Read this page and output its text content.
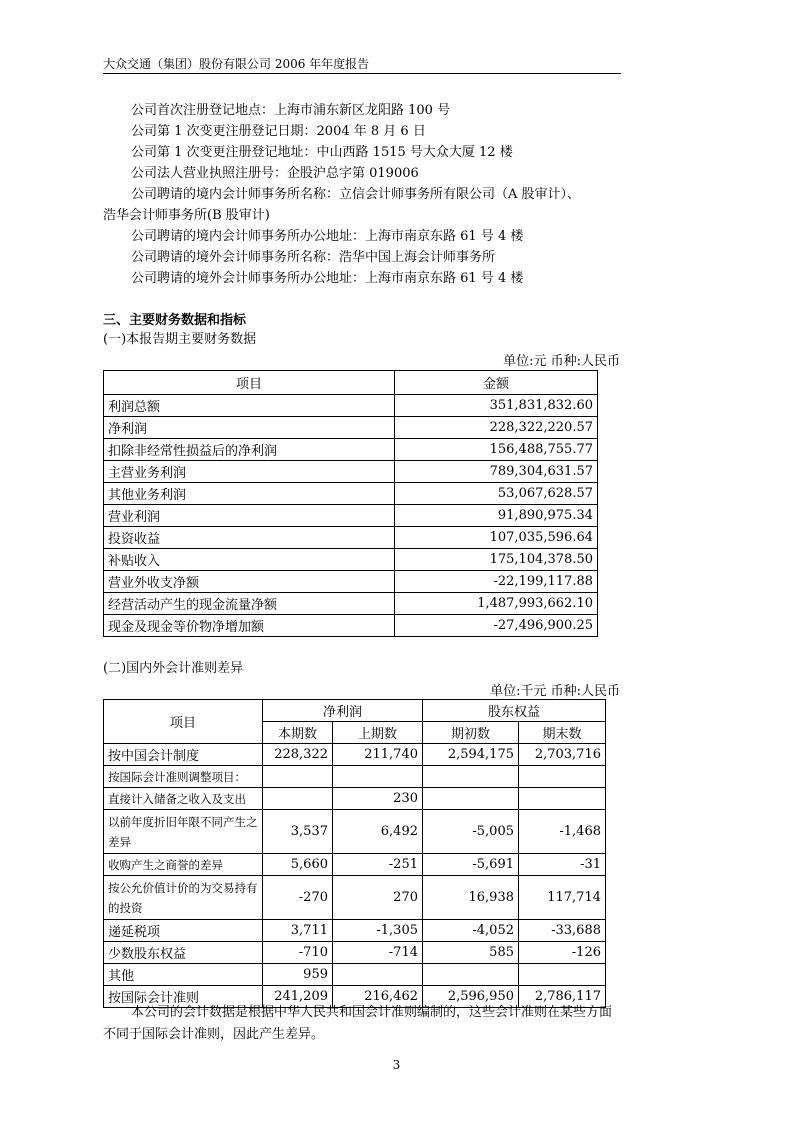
大众交通（集团）股份有限公司 2006 年年度报告

公司首次注册登记地点：上海市浦东新区龙阳路 100 号

公司第 1 次变更注册登记日期：2004 年 8 月 6 日

公司第 1 次变更注册登记地址：中山西路 1515 号大众大厦 12 楼

公司法人营业执照注册号：企股沪总字第 019006

公司聘请的境内会计师事务所名称：立信会计师事务所有限公司（A 股审计）、

浩华会计师事务所(B 股审计)

公司聘请的境内会计师事务所办公地址：上海市南京东路 61 号 4 楼

公司聘请的境外会计师事务所名称：浩华中国上海会计师事务所

公司聘请的境外会计师事务所办公地址：上海市南京东路 61 号 4 楼

三、主要财务数据和指标
(一)本报告期主要财务数据
单位:元 币种:人民币
项目	金额
利润总额	351,831,832.60
净利润	228,322,220.57
扣除非经常性损益后的净利润	156,488,755.77
主营业务利润	789,304,631.57
其他业务利润	53,067,628.57
营业利润	91,890,975.34
投资收益	107,035,596.64
补贴收入	175,104,378.50
营业外收支净额	-22,199,117.88
经营活动产生的现金流量净额	1,487,993,662.10
现金及现金等价物净增加额	-27,496,900.25
(二)国内外会计准则差异
单位:千元 币种:人民币
项目	净利润		股东权益	
	本期数	上期数	期初数	期末数
按中国会计制度	228,322	211,740	2,594,175	2,703,716
按国际会计准则调整项目：				
直接计入储备之收入及支出		230		
以前年度折旧年限不同产生之差异	3,537	6,492	-5,005	-1,468
收购产生之商誉的差异	5,660	-251	-5,691	-31
按公允价值计价的为交易持有的投资	-270	270	16,938	117,714
递延税项	3,711	-1,305	-4,052	-33,688
少数股东权益	-710	-714	585	-126
其他	959			
按国际会计准则	241,209	216,462	2,596,950	2,786,117

本公司的会计数据是根据中华人民共和国会计准则编制的，这些会计准则在某些方面不同于国际会计准则，因此产生差异。

3
